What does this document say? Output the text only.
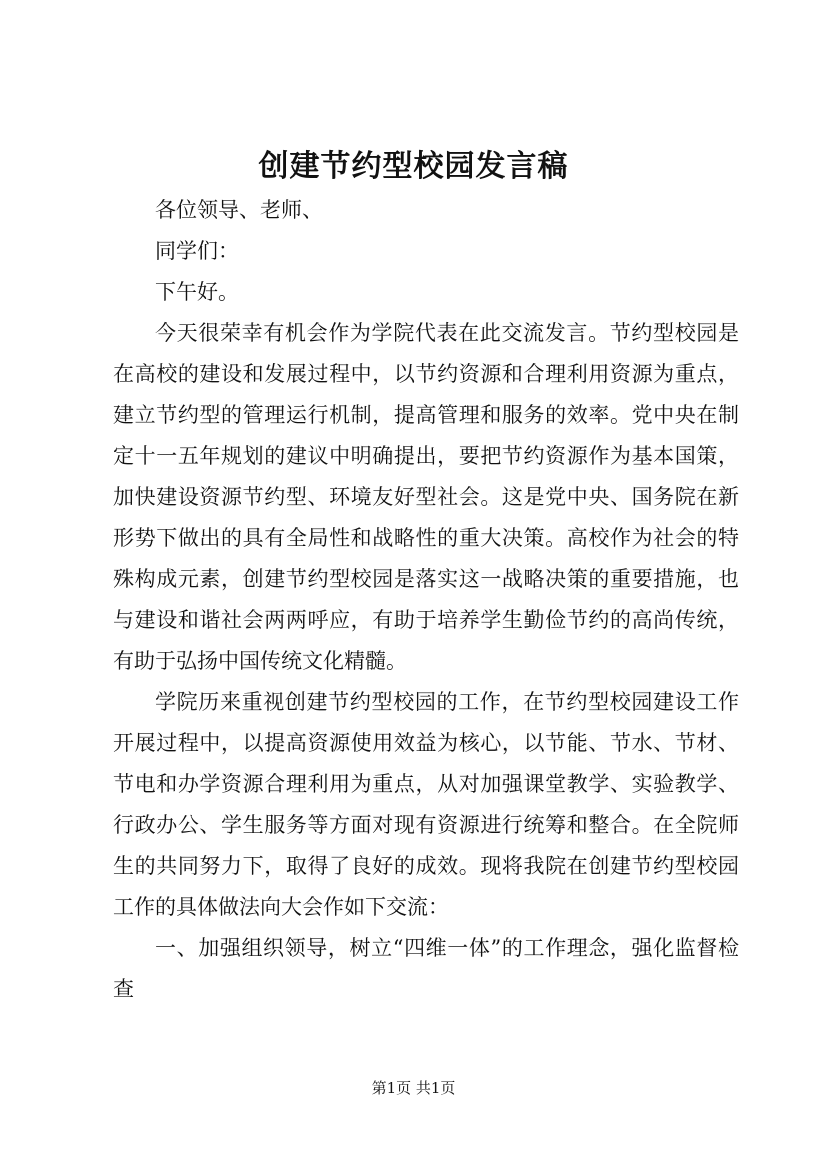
创建节约型校园发言稿

各位领导、老师、

同学们：

下午好。

今天很荣幸有机会作为学院代表在此交流发言。节约型校园是在高校的建设和发展过程中，以节约资源和合理利用资源为重点，建立节约型的管理运行机制，提高管理和服务的效率。党中央在制定十一五年规划的建议中明确提出，要把节约资源作为基本国策，加快建设资源节约型、环境友好型社会。这是党中央、国务院在新形势下做出的具有全局性和战略性的重大决策。高校作为社会的特殊构成元素，创建节约型校园是落实这一战略决策的重要措施，也与建设和谐社会两两呼应，有助于培养学生勤俭节约的高尚传统，有助于弘扬中国传统文化精髓。

学院历来重视创建节约型校园的工作，在节约型校园建设工作开展过程中，以提高资源使用效益为核心，以节能、节水、节材、节电和办学资源合理利用为重点，从对加强课堂教学、实验教学、行政办公、学生服务等方面对现有资源进行统筹和整合。在全院师生的共同努力下，取得了良好的成效。现将我院在创建节约型校园工作的具体做法向大会作如下交流：

一、加强组织领导，树立“四维一体”的工作理念，强化监督检查

第1页 共1页
